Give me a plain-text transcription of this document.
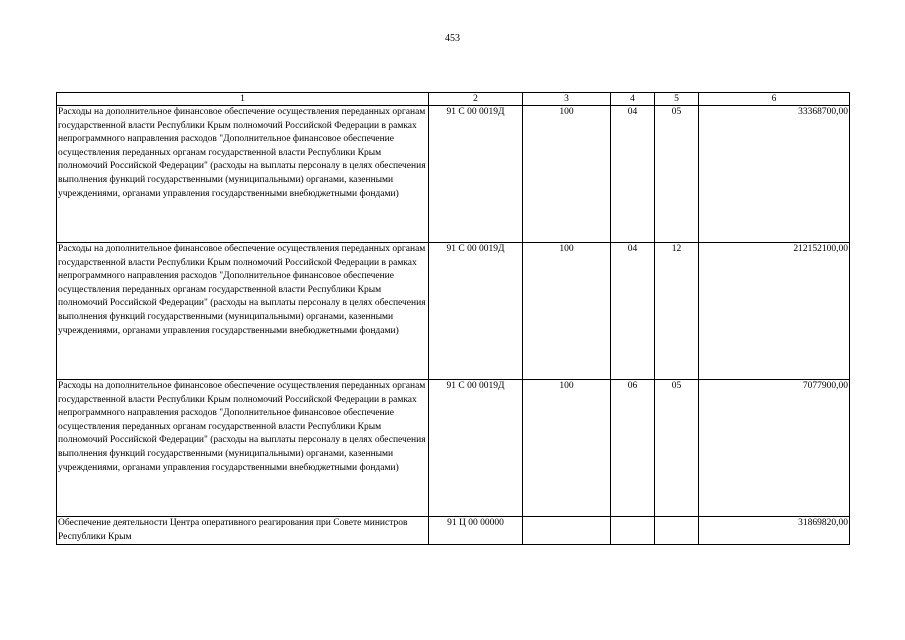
453
1	2	3	4	5	6
Расходы на дополнительное финансовое обеспечение осуществления переданных органам государственной власти Республики Крым полномочий Российской Федерации в рамках непрограммного направления расходов "Дополнительное финансовое обеспечение осуществления переданных органам государственной власти Республики Крым полномочий Российской Федерации" (расходы на выплаты персоналу в целях обеспечения выполнения функций государственными (муниципальными) органами, казенными учреждениями, органами управления государственными внебюджетными фондами)	91 С 00 0019Д	100	04	05	33368700,00
Расходы на дополнительное финансовое обеспечение осуществления переданных органам государственной власти Республики Крым полномочий Российской Федерации в рамках непрограммного направления расходов "Дополнительное финансовое обеспечение осуществления переданных органам государственной власти Республики Крым полномочий Российской Федерации" (расходы на выплаты персоналу в целях обеспечения выполнения функций государственными (муниципальными) органами, казенными учреждениями, органами управления государственными внебюджетными фондами)	91 С 00 0019Д	100	04	12	212152100,00
Расходы на дополнительное финансовое обеспечение осуществления переданных органам государственной власти Республики Крым полномочий Российской Федерации в рамках непрограммного направления расходов "Дополнительное финансовое обеспечение осуществления переданных органам государственной власти Республики Крым полномочий Российской Федерации" (расходы на выплаты персоналу в целях обеспечения выполнения функций государственными (муниципальными) органами, казенными учреждениями, органами управления государственными внебюджетными фондами)	91 С 00 0019Д	100	06	05	7077900,00
Обеспечение деятельности Центра оперативного реагирования при Совете министров Республики Крым	91 Ц 00 00000				31869820,00
